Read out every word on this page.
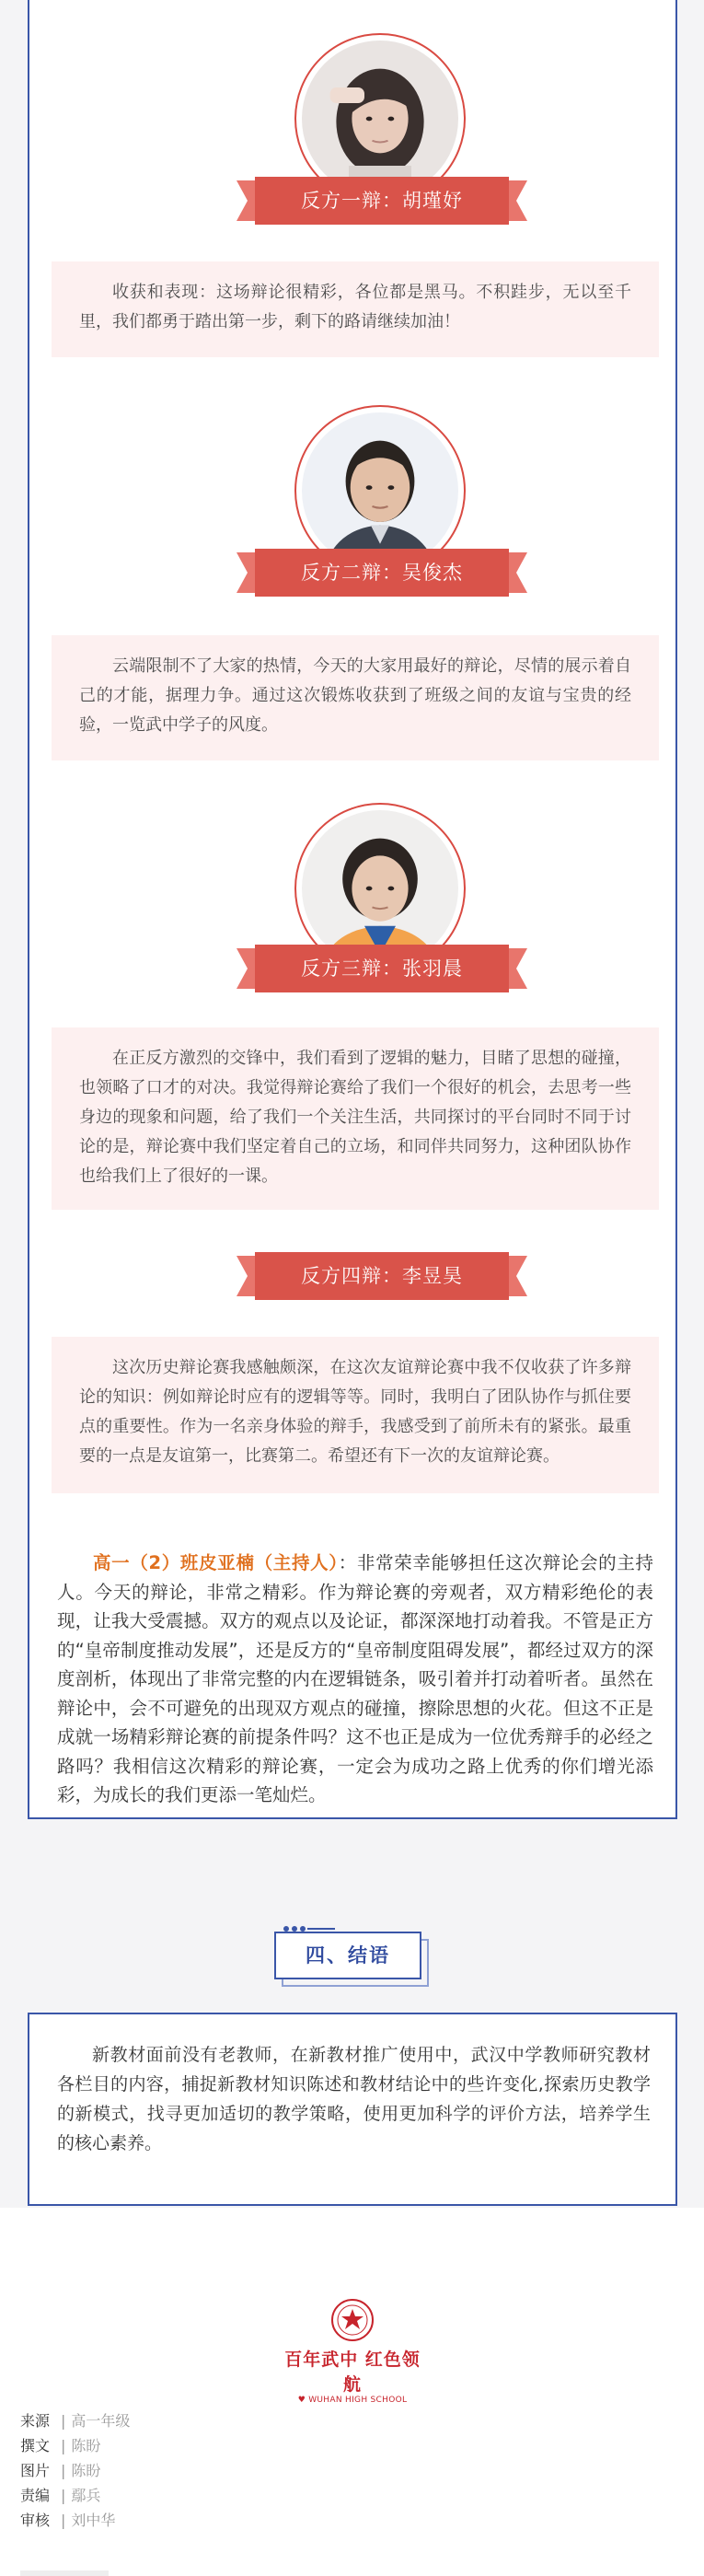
反方一辩：胡瑾妤
收获和表现：这场辩论很精彩，各位都是黑马。不积跬步，无以至千里，我们都勇于踏出第一步，剩下的路请继续加油！
反方二辩：吴俊杰
云端限制不了大家的热情，今天的大家用最好的辩论，尽情的展示着自己的才能，据理力争。通过这次锻炼收获到了班级之间的友谊与宝贵的经验，一览武中学子的风度。
反方三辩：张羽晨
在正反方激烈的交锋中，我们看到了逻辑的魅力，目睹了思想的碰撞，也领略了口才的对决。我觉得辩论赛给了我们一个很好的机会，去思考一些身边的现象和问题，给了我们一个关注生活，共同探讨的平台同时不同于讨论的是，辩论赛中我们坚定着自己的立场，和同伴共同努力，这种团队协作也给我们上了很好的一课。
反方四辩：李昱昊
这次历史辩论赛我感触颇深，在这次友谊辩论赛中我不仅收获了许多辩论的知识：例如辩论时应有的逻辑等等。同时，我明白了团队协作与抓住要点的重要性。作为一名亲身体验的辩手，我感受到了前所未有的紧张。最重要的一点是友谊第一，比赛第二。希望还有下一次的友谊辩论赛。
高一（2）班皮亚楠（主持人）：非常荣幸能够担任这次辩论会的主持人。今天的辩论，非常之精彩。作为辩论赛的旁观者，双方精彩绝伦的表现，让我大受震撼。双方的观点以及论证，都深深地打动着我。不管是正方的“皇帝制度推动发展”，还是反方的“皇帝制度阻碍发展”，都经过双方的深度剖析，体现出了非常完整的内在逻辑链条，吸引着并打动着听者。虽然在辩论中，会不可避免的出现双方观点的碰撞，擦除思想的火花。但这不正是成就一场精彩辩论赛的前提条件吗？这不也正是成为一位优秀辩手的必经之路吗？我相信这次精彩的辩论赛，一定会为成功之路上优秀的你们增光添彩，为成长的我们更添一笔灿烂。
四、结语
新教材面前没有老教师，在新教材推广使用中，武汉中学教师研究教材各栏目的内容，捕捉新教材知识陈述和教材结论中的些许变化,探索历史教学的新模式，找寻更加适切的教学策略，使用更加科学的评价方法，培养学生的核心素养。
百年武中 红色领航
♥ WUHAN HIGH SCHOOL
来源 | 高一年级
撰文 | 陈盼
图片 | 陈盼
责编 | 鄢兵
审核 | 刘中华
